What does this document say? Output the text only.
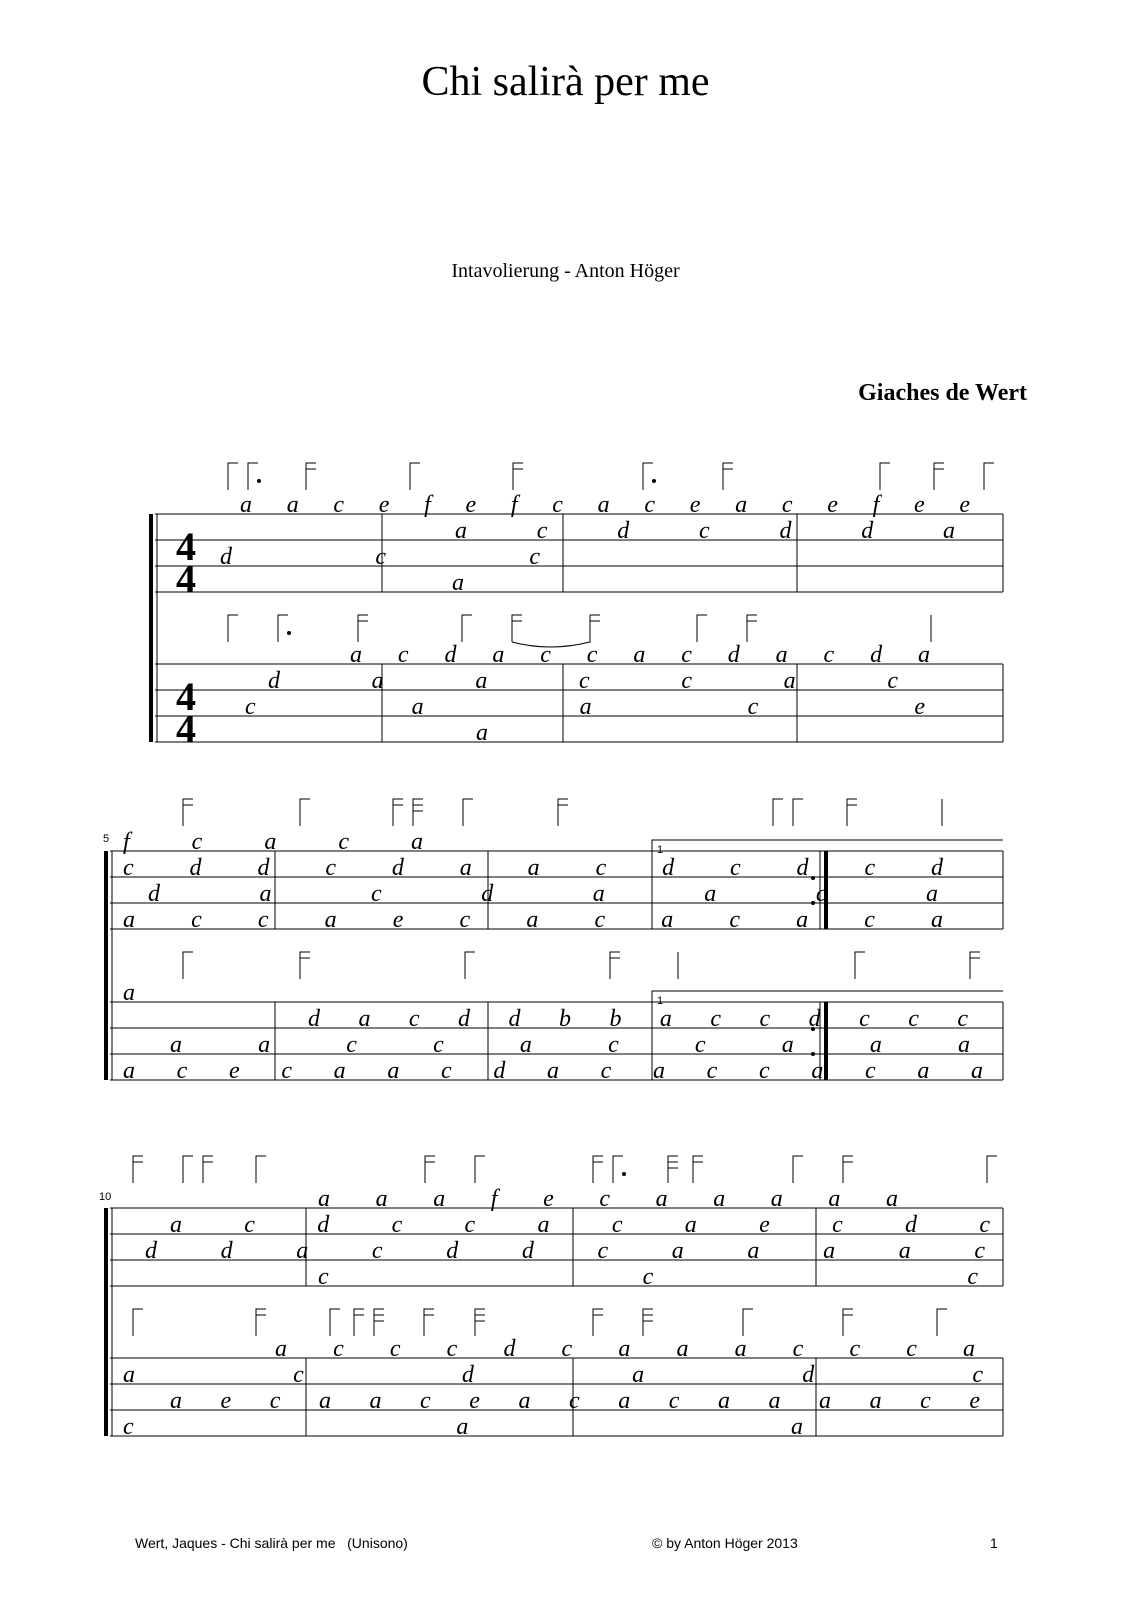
Chi salirà per me
Intavolierung - Anton Höger
Giaches de Wert
4
4
4
4
5
10
1
1
a a c e f e f c a c e a c e f e e
a c d c d d a
d c c
a
a c d a c c a c d a c d a
d a a c c a c
c a a c e
a
f c a c a
c d d c d a a c d c d c d
d a c d a a c a
a c c a e c a c a c a c a
a
d a c d d b b a c c d c c c
a a c c a c c a a a
a c e c a a c d a c a c c a c a a
a a a f e c a a a a a
a c d c c a c a e c d c
d d a c d d c a a a a c
c c c
a c c c d c a a a c c c a
a c d a d c
a e c a a c e a c a c a a a a c e
c a a
Wert, Jaques - Chi salirà per me   (Unisono)	© by Anton Höger 2013	1
